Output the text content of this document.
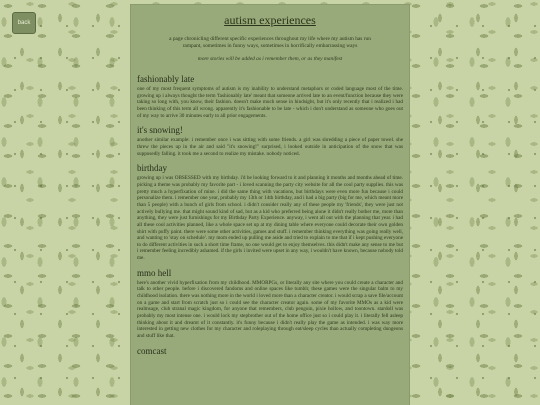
back	autism experiences

a page chronicling different specific experiences throughout my life where my autism has run rampant, sometimes in funny ways, sometimes in horrifically embarrassing ways

more stories will be added as i remember them, or as they manifest

fashionably late

one of my most frequent symptoms of autism is my inability to understand metaphors or coded language most of the time. growing up i always thought the term 'fashionably late' meant that someone arrived late to an event/function because they were taking so long with, you know, their fashion. doesn't make much sense in hindsight, but it's only recently that i realized i had been thinking of this term all wrong. apparently it's fashionable to be late - which i don't understand as someone who goes out of my way to arrive 30 minutes early to all prior engagements.

it's snowing!

another similar example: i remember once i was sitting with some friends. a girl was shredding a piece of paper towel. she threw the pieces up in the air and said "it's snowing!" surprised, i looked outside in anticipation of the snow that was supposedly falling. it took me a second to realize my mistake. nobody noticed.

birthday

growing up i was OBSESSED with my birthday. i'd be looking forward to it and planning it months and months ahead of time. picking a theme was probably my favorite part - i loved scanning the party city website for all the cool party supplies. this was pretty much a hyperfixation of mine. i did the same thing with vacations, but birthdays were even more fun because i could personalize them. i remember one year, probably my 13th or 14th birthday, and i had a big party (big for me, which meant more than 5 people) with a bunch of girls from school. i didn't consider really any of these people my 'friends', they were just not actively bullying me. that might sound kind of sad, but as a kid who preferred being alone it didn't really bother me, more than anything, they were just furnishings for my Birthday Party Experience. anyway, i went all out with the planning that year. i had all these cool activities planned, like a whole space set up at my dining table where everyone could decorate their own golden shirt with puffy paint. there were some other activities, games and stuff. i remember thinking everything was going really well, and wanting to 'stay on schedule'. my mom ended up pulling me aside and tried to explain to me that if i kept pushing everyone to do different activities in such a short time frame, no one would get to enjoy themselves. this didn't make any sense to me but i remember feeling incredibly ashamed. if the girls i invited were upset in any way, i wouldn't have known, because nobody told me.

mmo hell

here's another vivid hyperfixation from my childhood. MMORPGs, or literally any site where you could create a character and talk to other people. before i discovered fandoms and online spaces like tumblr, these games were the singular balm to my childhood isolation. there was nothing more in the world i loved more than a character creator. i would scrap a save file/account on a game and start from scratch just so i could see the character creator again. some of my favorite MMOs as a kid were realmsage, club stranal magic kingdom, for anyone that remembers, club penguin, pixie hollow, and toontown. stardoll was probably my most intense one. i would lock my stepbrother out of the home office just so i could play it. i literally fell asleep thinking about it and dreamt of it constantly. it's funny because i didn't really play the game as intended. i was way more interested in getting new clothes for my character and roleplaying through eat/sleep cycles than actually completing dungeons and stuff like that.

comcast
